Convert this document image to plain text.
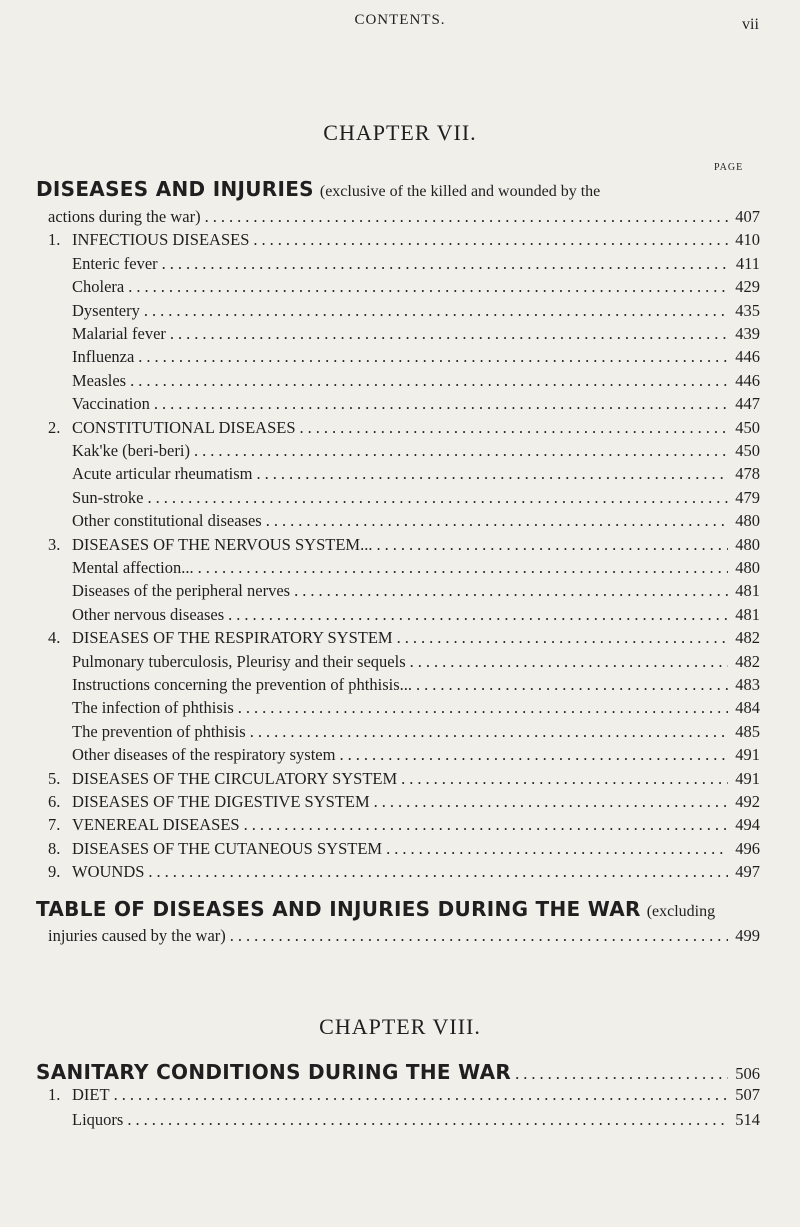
CONTENTS.	vii
CHAPTER VII.
PAGE
DISEASES AND INJURIES (exclusive of the killed and wounded by the
actions during the war) .....	407
1. INFECTIOUS DISEASES .....	410
Enteric fever .....	411
Cholera .....	429
Dysentery .....	435
Malarial fever .....	439
Influenza .....	446
Measles .....	446
Vaccination .....	447
2. CONSTITUTIONAL DISEASES .....	450
Kak'ke (beri-beri) .....	450
Acute articular rheumatism .....	478
Sun-stroke .....	479
Other constitutional diseases .....	480
3. DISEASES OF THE NERVOUS SYSTEM... .....	480
Mental affection... .....	480
Diseases of the peripheral nerves .....	481
Other nervous diseases .....	481
4. DISEASES OF THE RESPIRATORY SYSTEM .....	482
Pulmonary tuberculosis, Pleurisy and their sequels .....	482
Instructions concerning the prevention of phthisis... .....	483
The infection of phthisis .....	484
The prevention of phthisis .....	485
Other diseases of the respiratory system .....	491
5. DISEASES OF THE CIRCULATORY SYSTEM .....	491
6. DISEASES OF THE DIGESTIVE SYSTEM .....	492
7. VENEREAL DISEASES .....	494
8. DISEASES OF THE CUTANEOUS SYSTEM .....	496
9. WOUNDS .....	497
TABLE OF DISEASES AND INJURIES DURING THE WAR (excluding
injuries caused by the war) .....	499
CHAPTER VIII.
SANITARY CONDITIONS DURING THE WAR .....	506
1. DIET .....	507
Liquors .....	514
